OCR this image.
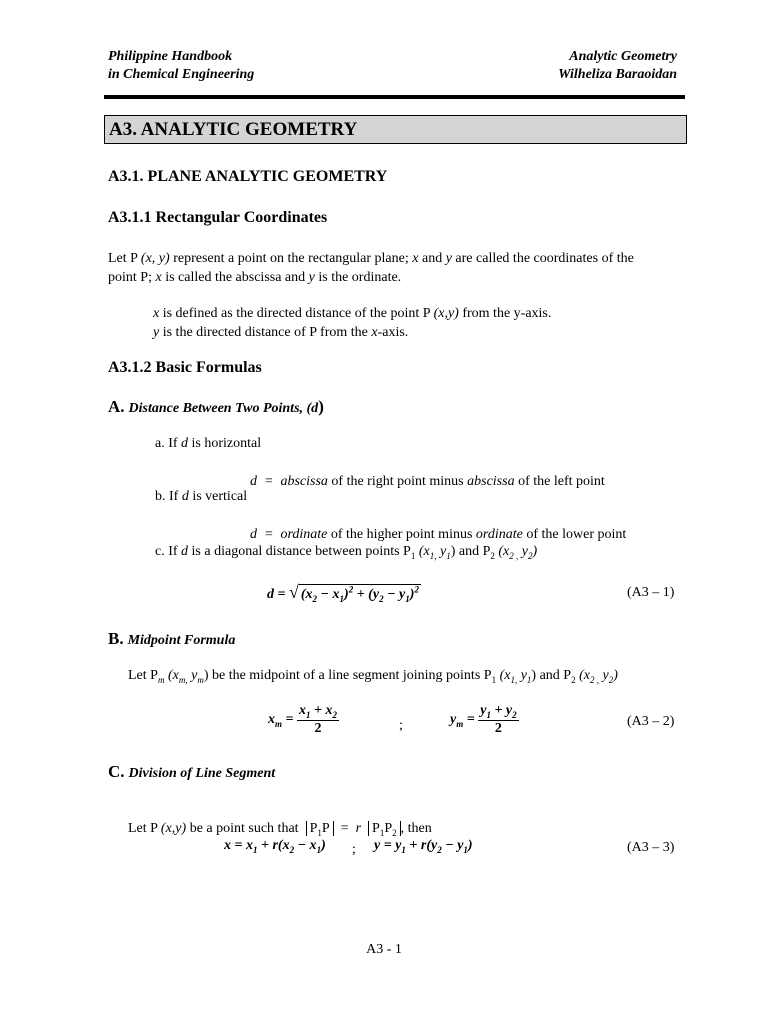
Philippine Handbook
in Chemical Engineering
Analytic Geometry
Wilheliza Baraoidan
A3. ANALYTIC GEOMETRY
A3.1. PLANE ANALYTIC GEOMETRY
A3.1.1 Rectangular Coordinates
Let P (x, y) represent a point on the rectangular plane; x and y are called the coordinates of the
point P; x is called the abscissa and y is the ordinate.
x is defined as the directed distance of the point P (x,y) from the y-axis.
y is the directed distance of P from the x-axis.
A3.1.2 Basic Formulas
A. Distance Between Two Points, (d)
a. If d is horizontal

d  =  abscissa of the right point minus abscissa of the left point

b. If d is vertical

d  =  ordinate of the higher point minus ordinate of the lower point

c. If d is a diagonal distance between points $P_1$ ($x_{1,}$ $y_1$) and $P_2$ ($x_{2 ,}$ $y_2$)
d = √ $(x_2 - x_1)^2 + (y_2 - y_1)^2$	(A3 – 1)
B. Midpoint Formula
Let $P_m$ ($x_{m,}$ $y_m$) be the midpoint of a line segment joining points $P_1$ ($x_{1,}$ $y_1$) and $P_2$ ($x_{2 ,}$ $y_2$)
$x_m = \frac{x_1 + x_2}{2}$	;	$y_m = \frac{y_1 + y_2}{2}$	(A3 – 2)
C. Division of Line Segment

Let P (x,y) be a point such that  $P_1P = r$ $P_1P_2$ , then

$x = x_1 + r(x_2 - x_1)$ ; $y = y_1 + r(y_2 - y_1)$	(A3 – 3)
A3 - 1
